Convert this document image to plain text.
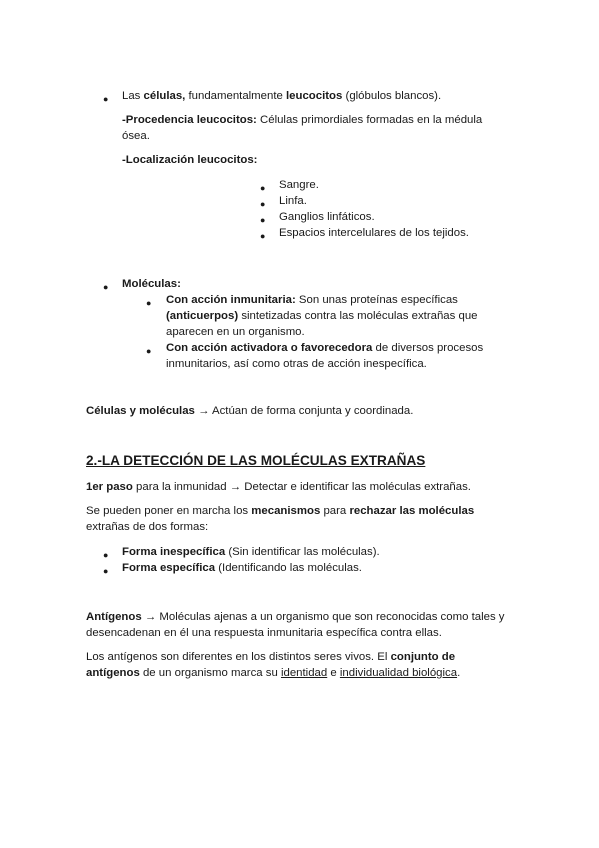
●
Las células, fundamentalmente leucocitos (glóbulos blancos).
-Procedencia leucocitos: Células primordiales formadas en la médula
ósea.
-Localización leucocitos:
●
Sangre.
●
Linfa.
●
Ganglios linfáticos.
●
Espacios intercelulares de los tejidos.
●
Moléculas:
●
Con acción inmunitaria: Son unas proteínas específicas
(anticuerpos) sintetizadas contra las moléculas extrañas que
aparecen en un organismo.
●
Con acción activadora o favorecedora de diversos procesos
inmunitarios, así como otras de acción inespecífica.
Células y moléculas → Actúan de forma conjunta y coordinada.
2.-LA DETECCIÓN DE LAS MOLÉCULAS EXTRAÑAS
1er paso para la inmunidad → Detectar e identificar las moléculas extrañas.
Se pueden poner en marcha los mecanismos para rechazar las moléculas
extrañas de dos formas:
●
Forma inespecífica (Sin identificar las moléculas).
●
Forma específica (Identificando las moléculas.
Antígenos → Moléculas ajenas a un organismo que son reconocidas como tales y
desencadenan en él una respuesta inmunitaria específica contra ellas.
Los antígenos son diferentes en los distintos seres vivos. El conjunto de
antígenos de un organismo marca su identidad e individualidad biológica.
